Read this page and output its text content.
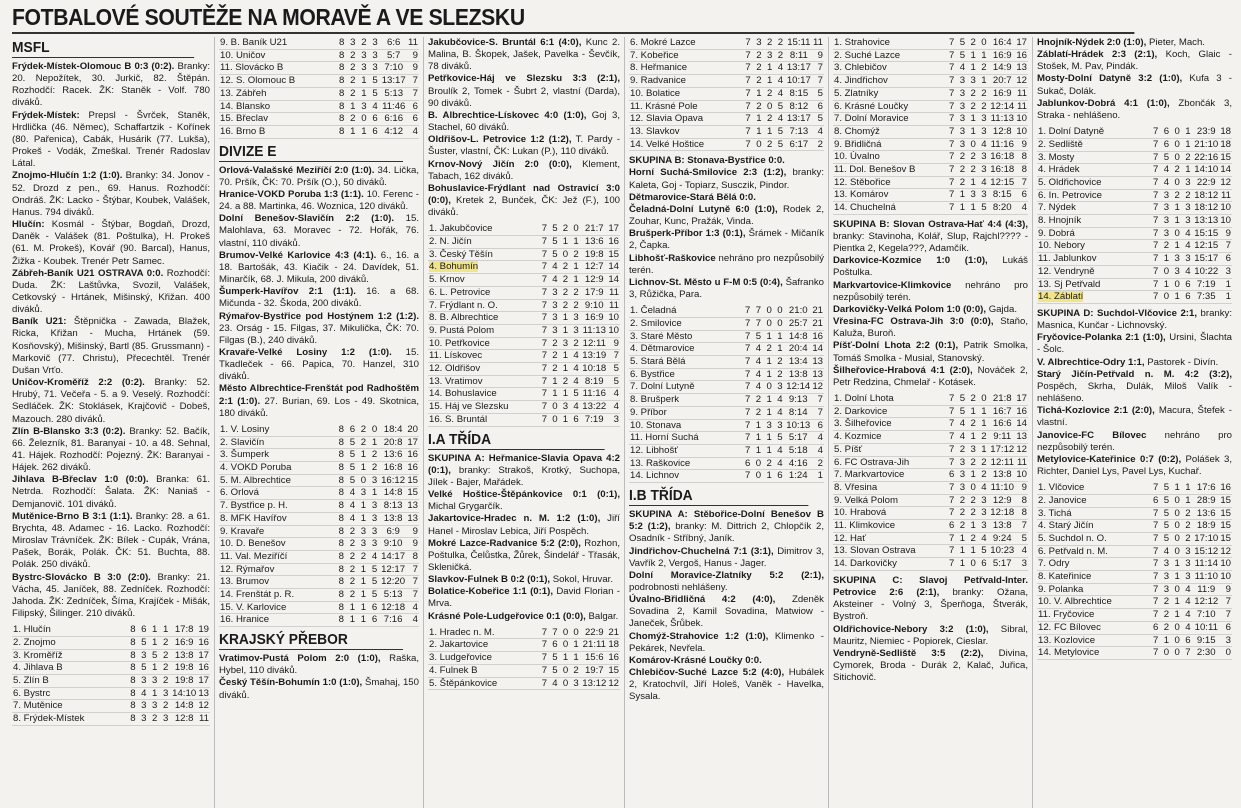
FOTBALOVÉ SOUTĚŽE NA MORAVĚ A VE SLEZSKU
MSFL
Frýdek-Místek-Olomouc B 0:3 (0:2). Branky: 20. Nepožítek, 30. Jurkič, 82. Štěpán. Rozhodčí: Racek. ŽK: Staněk - Volf. 780 diváků.
Frýdek-Místek: Prepsl - Švrček, Staněk, Hrdlička (46. Němec), Schaffartzik - Kořínek (80. Pařenica), Cabák, Husárik (77. Lukša), Prokeš - Vodák, Zmeškal. Trenér Radoslav Látal.
Znojmo-Hlučín 1:2 (1:0). Branky: 34. Jonov - 52. Drozd z pen., 69. Hanus. Rozhodčí: Ondráš. ŽK: Lacko - Štýbar, Koubek, Valášek, Hanus. 794 diváků.
Hlučín: Kosmál - Štýbar, Bogdaň, Drozd, Daněk - Valášek (81. Poštulka), H. Prokeš (61. M. Prokeš), Kovář (90. Barcal), Hanus, Žižka - Koubek. Trenér Petr Samec.
Zábřeh-Baník U21 OSTRAVA 0:0. Rozhodčí: Duda. ŽK: Laštůvka, Svozil, Valášek, Cetkovský - Hrtánek, Mišinský, Křižan. 400 diváků.
Baník U21: Štěpnička - Zawada, Blažek, Ricka, Křižan - Mucha, Hrtánek (59. Kosňovský), Mišinský, Bartl (85. Grussmann) - Markovič (77. Christu), Přecechtěl. Trenér Dušan Vrťo.
Uničov-Kroměříž 2:2 (0:2). Branky: 52. Hrubý, 71. Večeřa - 5. a 9. Veselý. Rozhodčí: Sedláček. ŽK: Stoklásek, Krajčovič - Dobeš, Mazouch. 280 diváků.
Zlín B-Blansko 3:3 (0:2). Branky: 52. Bačík, 66. Železník, 81. Baranyai - 10. a 48. Sehnal, 41. Hájek. Rozhodčí: Pojezný. ŽK: Baranyai - Hájek. 262 diváků.
Jihlava B-Břeclav 1:0 (0:0). Branka: 61. Netrda. Rozhodčí: Šalata. ŽK: Naniaš - Demjanovič. 101 diváků.
Mutěnice-Brno B 3:1 (1:1). Branky: 28. a 61. Brychta, 48. Adamec - 16. Lacko. Rozhodčí: Miroslav Trávníček. ŽK: Bílek - Cupák, Vrána, Pašek, Borák, Polák. ČK: 51. Buchta, 88. Polák. 250 diváků.
Bystrc-Slovácko B 3:0 (2:0). Branky: 21. Vácha, 45. Janíček, 88. Zedníček. Rozhodčí: Jahoda. ŽK: Zedníček, Šíma, Krajíček - Mišák, Filipský, Šilinger. 210 diváků.
1. Hlučín	8	6	1	1	17:8	19
2. Znojmo	8	5	1	2	16:9	16
3. Kroměříž	8	3	5	2	13:8	17
4. Jihlava B	8	5	1	2	19:8	16
5. Zlín B	8	3	3	2	19:8	17
6. Bystrc	8	4	1	3	14:10	13
7. Mutěnice	8	3	3	2	14:8	12
8. Frýdek-Místek	8	3	2	3	12:8	11
9. B. Baník U21	8	3	2	3	6:6	11
10. Uničov	8	2	3	3	5:7	9
11. Slovácko B	8	2	3	3	7:10	9
12. S. Olomouc B	8	2	1	5	13:17	7
13. Zábřeh	8	2	1	5	5:13	7
14. Blansko	8	1	3	4	11:46	6
15. Břeclav	8	2	0	6	6:16	6
16. Brno B	8	1	1	6	4:12	4
DIVIZE E
Orlová-Valašské Meziříčí 2:0 (1:0). 34. Lička, 70. Pršík, ČK: 70. Pršík (O.), 50 diváků.
Hranice-VOKD Poruba 1:3 (1:1). 10. Ferenc - 24. a 88. Martinka, 46. Woznica, 120 diváků.
Dolní Benešov-Slavičín 2:2 (1:0). 15. Malohlava, 63. Moravec - 72. Hořák, 76. vlastní, 110 diváků.
Brumov-Velké Karlovice 4:3 (4:1). 6., 16. a 18. Bartošák, 43. Kiačik - 24. Davídek, 51. Minarčík, 68. J. Mikula, 200 diváků.
Šumperk-Havířov 2:1 (1:1). 16. a 68. Mičunda - 32. Škoda, 200 diváků.
Rýmařov-Bystřice pod Hostýnem 1:2 (1:2). 23. Orság - 15. Filgas, 37. Mikulička, ČK: 70. Filgas (B.), 240 diváků.
Kravaře-Velké Losiny 1:2 (1:0). 15. Tkadleček - 66. Papica, 70. Hanzel, 310 diváků.
Město Albrechtice-Frenštát pod Radhoštěm 2:1 (1:0). 27. Burian, 69. Los - 49. Skotnica, 180 diváků.
1. V. Losiny	8	6	2	0	18:4	20
2. Slavičín	8	5	2	1	20:8	17
3. Šumperk	8	5	1	2	13:6	16
4. VOKD Poruba	8	5	1	2	16:8	16
5. M. Albrechtice	8	5	0	3	16:12	15
6. Orlová	8	4	3	1	14:8	15
7. Bystřice p. H.	8	4	1	3	8:13	13
8. MFK Havířov	8	4	1	3	13:8	13
9. Kravaře	8	2	3	3	6:9	9
10. D. Benešov	8	2	3	3	9:10	9
11. Val. Meziříčí	8	2	2	4	14:17	8
12. Rýmařov	8	2	1	5	12:17	7
13. Brumov	8	2	1	5	12:20	7
14. Frenštát p. R.	8	2	1	5	5:13	7
15. V. Karlovice	8	1	1	6	12:18	4
16. Hranice	8	1	1	6	7:16	4
KRAJSKÝ PŘEBOR
Vratimov-Pustá Polom 2:0 (1:0), Raška, Hybel, 110 diváků.
Český Těšín-Bohumín 1:0 (1:0), Šmahaj, 150 diváků.
Jakubčovice-S. Bruntál 6:1 (4:0), Kunc 2. Malina, B. Škopek, Jašek, Pavelka - Ševčík, 78 diváků.
Petřkovice-Háj ve Slezsku 3:3 (2:1), Broulík 2, Tomek - Šubrt 2, vlastní (Darda), 90 diváků.
B. Albrechtice-Lískovec 4:0 (1:0), Goj 3, Stachel, 60 diváků.
Oldřišov-L. Petrovice 1:2 (1:2), T. Pardy - Šuster, vlastní, ČK: Lukan (P.), 110 diváků.
Krnov-Nový Jičín 2:0 (0:0), Klement, Tabach, 162 diváků.
Bohuslavice-Frýdlant nad Ostravicí 3:0 (0:0), Kretek 2, Bunček, ČK: Jež (F.), 100 diváků.
1. Jakubčovice	7	5	2	0	21:7	17
2. N. Jičín	7	5	1	1	13:6	16
3. Český Těšín	7	5	0	2	19:8	15
4. Bohumín	7	4	2	1	12:7	14
5. Krnov	7	4	2	1	12:9	14
6. L. Petrovice	7	3	2	2	17:9	11
7. Frýdlant n. O.	7	3	2	2	9:10	11
8. B. Albrechtice	7	3	1	3	16:9	10
9. Pustá Polom	7	3	1	3	11:13	10
10. Petřkovice	7	2	3	2	12:11	9
11. Lískovec	7	2	1	4	13:19	7
12. Oldřišov	7	2	1	4	10:18	5
13. Vratimov	7	1	2	4	8:19	5
14. Bohuslavice	7	1	1	5	11:16	4
15. Háj ve Slezsku	7	0	3	4	13:22	4
16. S. Bruntál	7	0	1	6	7:19	3
I.A TŘÍDA
SKUPINA A: Heřmanice-Slavia Opava 4:2 (0:1), branky: Strakoš, Krotký, Suchopa, Jílek - Bajer, Mařádek.
Velké Hoštice-Štěpánkovice 0:1 (0:1), Michal Grygarčík.
Jakartovice-Hradec n. M. 1:2 (1:0), Jiří Hanel - Miroslav Lebica, Jiří Pospěch.
Mokré Lazce-Radvanice 5:2 (2:0), Rozhon, Poštulka, Čelůstka, Žůrek, Šindelář - Třasák, Skleničká.
Slavkov-Fulnek B 0:2 (0:1), Sokol, Hruvar.
Bolatice-Kobeřice 1:1 (0:1), David Florian - Mrva.
Krásné Pole-Ludgeřovice 0:1 (0:0), Balgar.
1. Hradec n. M.	7	7	0	0	22:9	21
2. Jakartovice	7	6	0	1	21:11	18
3. Ludgeřovice	7	5	1	1	15:6	16
4. Fulnek B	7	5	0	2	19:7	15
5. Štěpánkovice	7	4	0	3	13:12	12
6. Mokré Lazce	7	3	2	2	15:11	11
7. Kobeřice	7	2	3	2	8:11	9
8. Heřmanice	7	2	1	4	13:17	7
9. Radvanice	7	2	1	4	10:17	7
10. Bolatice	7	1	2	4	8:15	5
11. Krásné Pole	7	2	0	5	8:12	6
12. Slavia Opava	7	1	2	4	13:17	5
13. Slavkov	7	1	1	5	7:13	4
14. Velké Hoštice	7	0	2	5	6:17	2
SKUPINA B: Stonava-Bystřice 0:0.
Horní Suchá-Smilovice 2:3 (1:2), branky: Kaleta, Goj - Topiarz, Susczik, Pindor.
Dětmarovice-Stará Bělá 0:0.
Čeladná-Dolní Lutyně 6:0 (1:0), Rodek 2, Zouhar, Kunc, Pražák, Vinda.
Brušperk-Příbor 1:3 (0:1), Šrámek - Mičaník 2, Čapka.
Libhošť-Raškovice nehráno pro nezpůsobilý terén.
Lichnov-St. Město u F-M 0:5 (0:4), Šafranko 3, Růžička, Para.
1. Čeladná	7	7	0	0	21:0	21
2. Smilovice	7	7	0	0	25:7	21
3. Staré Město	7	5	1	1	14:8	16
4. Dětmarovice	7	4	2	1	20:4	14
5. Stará Bělá	7	4	1	2	13:4	13
6. Bystřice	7	4	1	2	13:8	13
7. Dolní Lutyně	7	4	0	3	12:14	12
8. Brušperk	7	2	1	4	9:13	7
9. Příbor	7	2	1	4	8:14	7
10. Stonava	7	1	3	3	10:13	6
11. Horní Suchá	7	1	1	5	5:17	4
12. Libhošť	7	1	1	4	5:18	4
13. Raškovice	6	0	2	4	4:16	2
14. Lichnov	7	0	1	6	1:24	1
I.B TŘÍDA
SKUPINA A: Stěbořice-Dolní Benešov B 5:2 (1:2), branky: M. Dittrich 2, Chlopčík 2, Osadník - Stříbný, Janík.
Jindřichov-Chuchelná 7:1 (3:1), Dimitrov 3, Vavřík 2, Vergoš, Hanus - Jager.
Dolní Moravice-Zlatníky 5:2 (2:1), podrobnosti nehlášeny.
Úvalno-Břidličná 4:2 (4:0), Zdeněk Sovadina 2, Kamil Sovadina, Matwiow - Janeček, Šrůbek.
Chomýž-Strahovice 1:2 (1:0), Klimenko - Pekárek, Nevřela.
Komárov-Krásné Loučky 0:0.
Chlebičov-Suché Lazce 5:2 (4:0), Hubálek 2, Kratochvíl, Jiří Holeš, Vaněk - Havelka, Sysala.
1. Strahovice	7	5	2	0	16:4	17
2. Suché Lazce	7	5	1	1	16:9	16
3. Chlebičov	7	4	1	2	14:9	13
4. Jindřichov	7	3	3	1	20:7	12
5. Zlatníky	7	3	2	2	16:9	11
6. Krásné Loučky	7	3	2	2	12:14	11
7. Dolní Moravice	7	3	1	3	11:13	10
8. Chomýž	7	3	1	3	12:8	10
9. Břidličná	7	3	0	4	11:16	9
10. Úvalno	7	2	2	3	16:18	8
11. Dol. Benešov B	7	2	2	3	16:18	8
12. Stěbořice	7	2	1	4	12:15	7
13. Komárov	7	1	3	3	8:15	6
14. Chuchelná	7	1	1	5	8:20	4
SKUPINA B: Slovan Ostrava-Hať 4:4 (4:3), branky: Stavinoha, Kolář, Slup, Rajchl???? - Pientka 2, Kegela???, Adamčík.
Darkovice-Kozmice 1:0 (1:0), Lukáš Poštulka.
Markvartovice-Klimkovice nehráno pro nezpůsobilý terén.
Darkovičky-Velká Polom 1:0 (0:0), Gajda.
Vřesina-FC Ostrava-Jih 3:0 (0:0), Staňo, Kaluža, Buroň.
Píšť-Dolní Lhota 2:2 (0:1), Patrik Smolka, Tomáš Smolka - Musial, Stanovský.
Šilheřovice-Hrabová 4:1 (2:0), Nováček 2, Petr Redzina, Chmelař - Kotásek.
1. Dolní Lhota	7	5	2	0	21:8	17
2. Darkovice	7	5	1	1	16:7	16
3. Šilheřovice	7	4	2	1	16:6	14
4. Kozmice	7	4	1	2	9:11	13
5. Píšť	7	2	3	1	17:12	12
6. FC Ostrava-Jih	7	3	2	2	12:11	11
7. Markvartovice	6	3	1	2	13:8	10
8. Vřesina	7	3	0	4	11:10	9
9. Velká Polom	7	2	2	3	12:9	8
10. Hrabová	7	2	2	3	12:18	8
11. Klimkovice	6	2	1	3	13:8	7
12. Hať	7	1	2	4	9:24	5
13. Slovan Ostrava	7	1	1	5	10:23	4
14. Darkovičky	7	1	0	6	5:17	3
SKUPINA C: Slavoj Petřvald-Inter. Petrovice 2:6 (2:1), branky: Ožana, Aksteiner - Volný 3, Šperňoga, Štverák, Bystroň.
Oldřichovice-Nebory 3:2 (1:0), Sibral, Mauritz, Niemiec - Popiorek, Cieslar.
Vendryně-Sedliště 3:5 (2:2), Divina, Cymorek, Broda - Durák 2, Kalač, Juřica, Sitichovič.
Hnojník-Nýdek 2:0 (1:0), Pieter, Mach.
Záblatí-Hrádek 2:3 (2:1), Koch, Glaic - Stošek, M. Pav, Pindák.
Mosty-Dolní Datyně 3:2 (1:0), Kufa 3 - Sukač, Dolák.
Jablunkov-Dobrá 4:1 (1:0), Zbončák 3, Straka - nehlášeno.
1. Dolní Datyně	7	6	0	1	23:9	18
2. Sedliště	7	6	0	1	21:10	18
3. Mosty	7	5	0	2	22:16	15
4. Hrádek	7	4	2	1	14:10	14
5. Oldřichovice	7	4	0	3	22:9	12
6. In. Petrovice	7	3	2	2	18:12	11
7. Nýdek	7	3	1	3	18:12	10
8. Hnojník	7	3	1	3	13:13	10
9. Dobrá	7	3	0	4	15:15	9
10. Nebory	7	2	1	4	12:15	7
11. Jablunkov	7	1	3	3	15:17	6
12. Vendryně	7	0	3	4	10:22	3
13. Sj Petřvald	7	1	0	6	7:19	1
14. Záblatí	7	0	1	6	7:35	1
SKUPINA D: Suchdol-Vlčovice 2:1, branky: Masnica, Kunčar - Lichnovský.
Fryčovice-Polanka 2:1 (1:0), Ursini, Šlachta - Šolc.
V. Albrechtice-Odry 1:1, Pastorek - Divín.
Starý Jičín-Petřvald n. M. 4:2 (3:2), Pospěch, Skrha, Dulák, Miloš Valík - nehlášeno.
Tichá-Kozlovice 2:1 (2:0), Macura, Štefek - vlastní.
Janovice-FC Bílovec nehráno pro nezpůsobilý terén.
Metylovice-Kateřinice 0:7 (0:2), Polášek 3, Richter, Daniel Lys, Pavel Lys, Kuchař.
1. Vlčovice	7	5	1	1	17:6	16
2. Janovice	6	5	0	1	28:9	15
3. Tichá	7	5	0	2	13:6	15
4. Starý Jičín	7	5	0	2	18:9	15
5. Suchdol n. O.	7	5	0	2	17:10	15
6. Petřvald n. M.	7	4	0	3	15:12	12
7. Odry	7	3	1	3	11:14	10
8. Kateřinice	7	3	1	3	11:10	10
9. Polanka	7	3	0	4	11:9	9
10. V. Albrechtice	7	2	1	4	12:12	7
11. Fryčovice	7	2	1	4	7:10	7
12. FC Bílovec	6	2	0	4	10:11	6
13. Kozlovice	7	1	0	6	9:15	3
14. Metylovice	7	0	0	7	2:30	0
